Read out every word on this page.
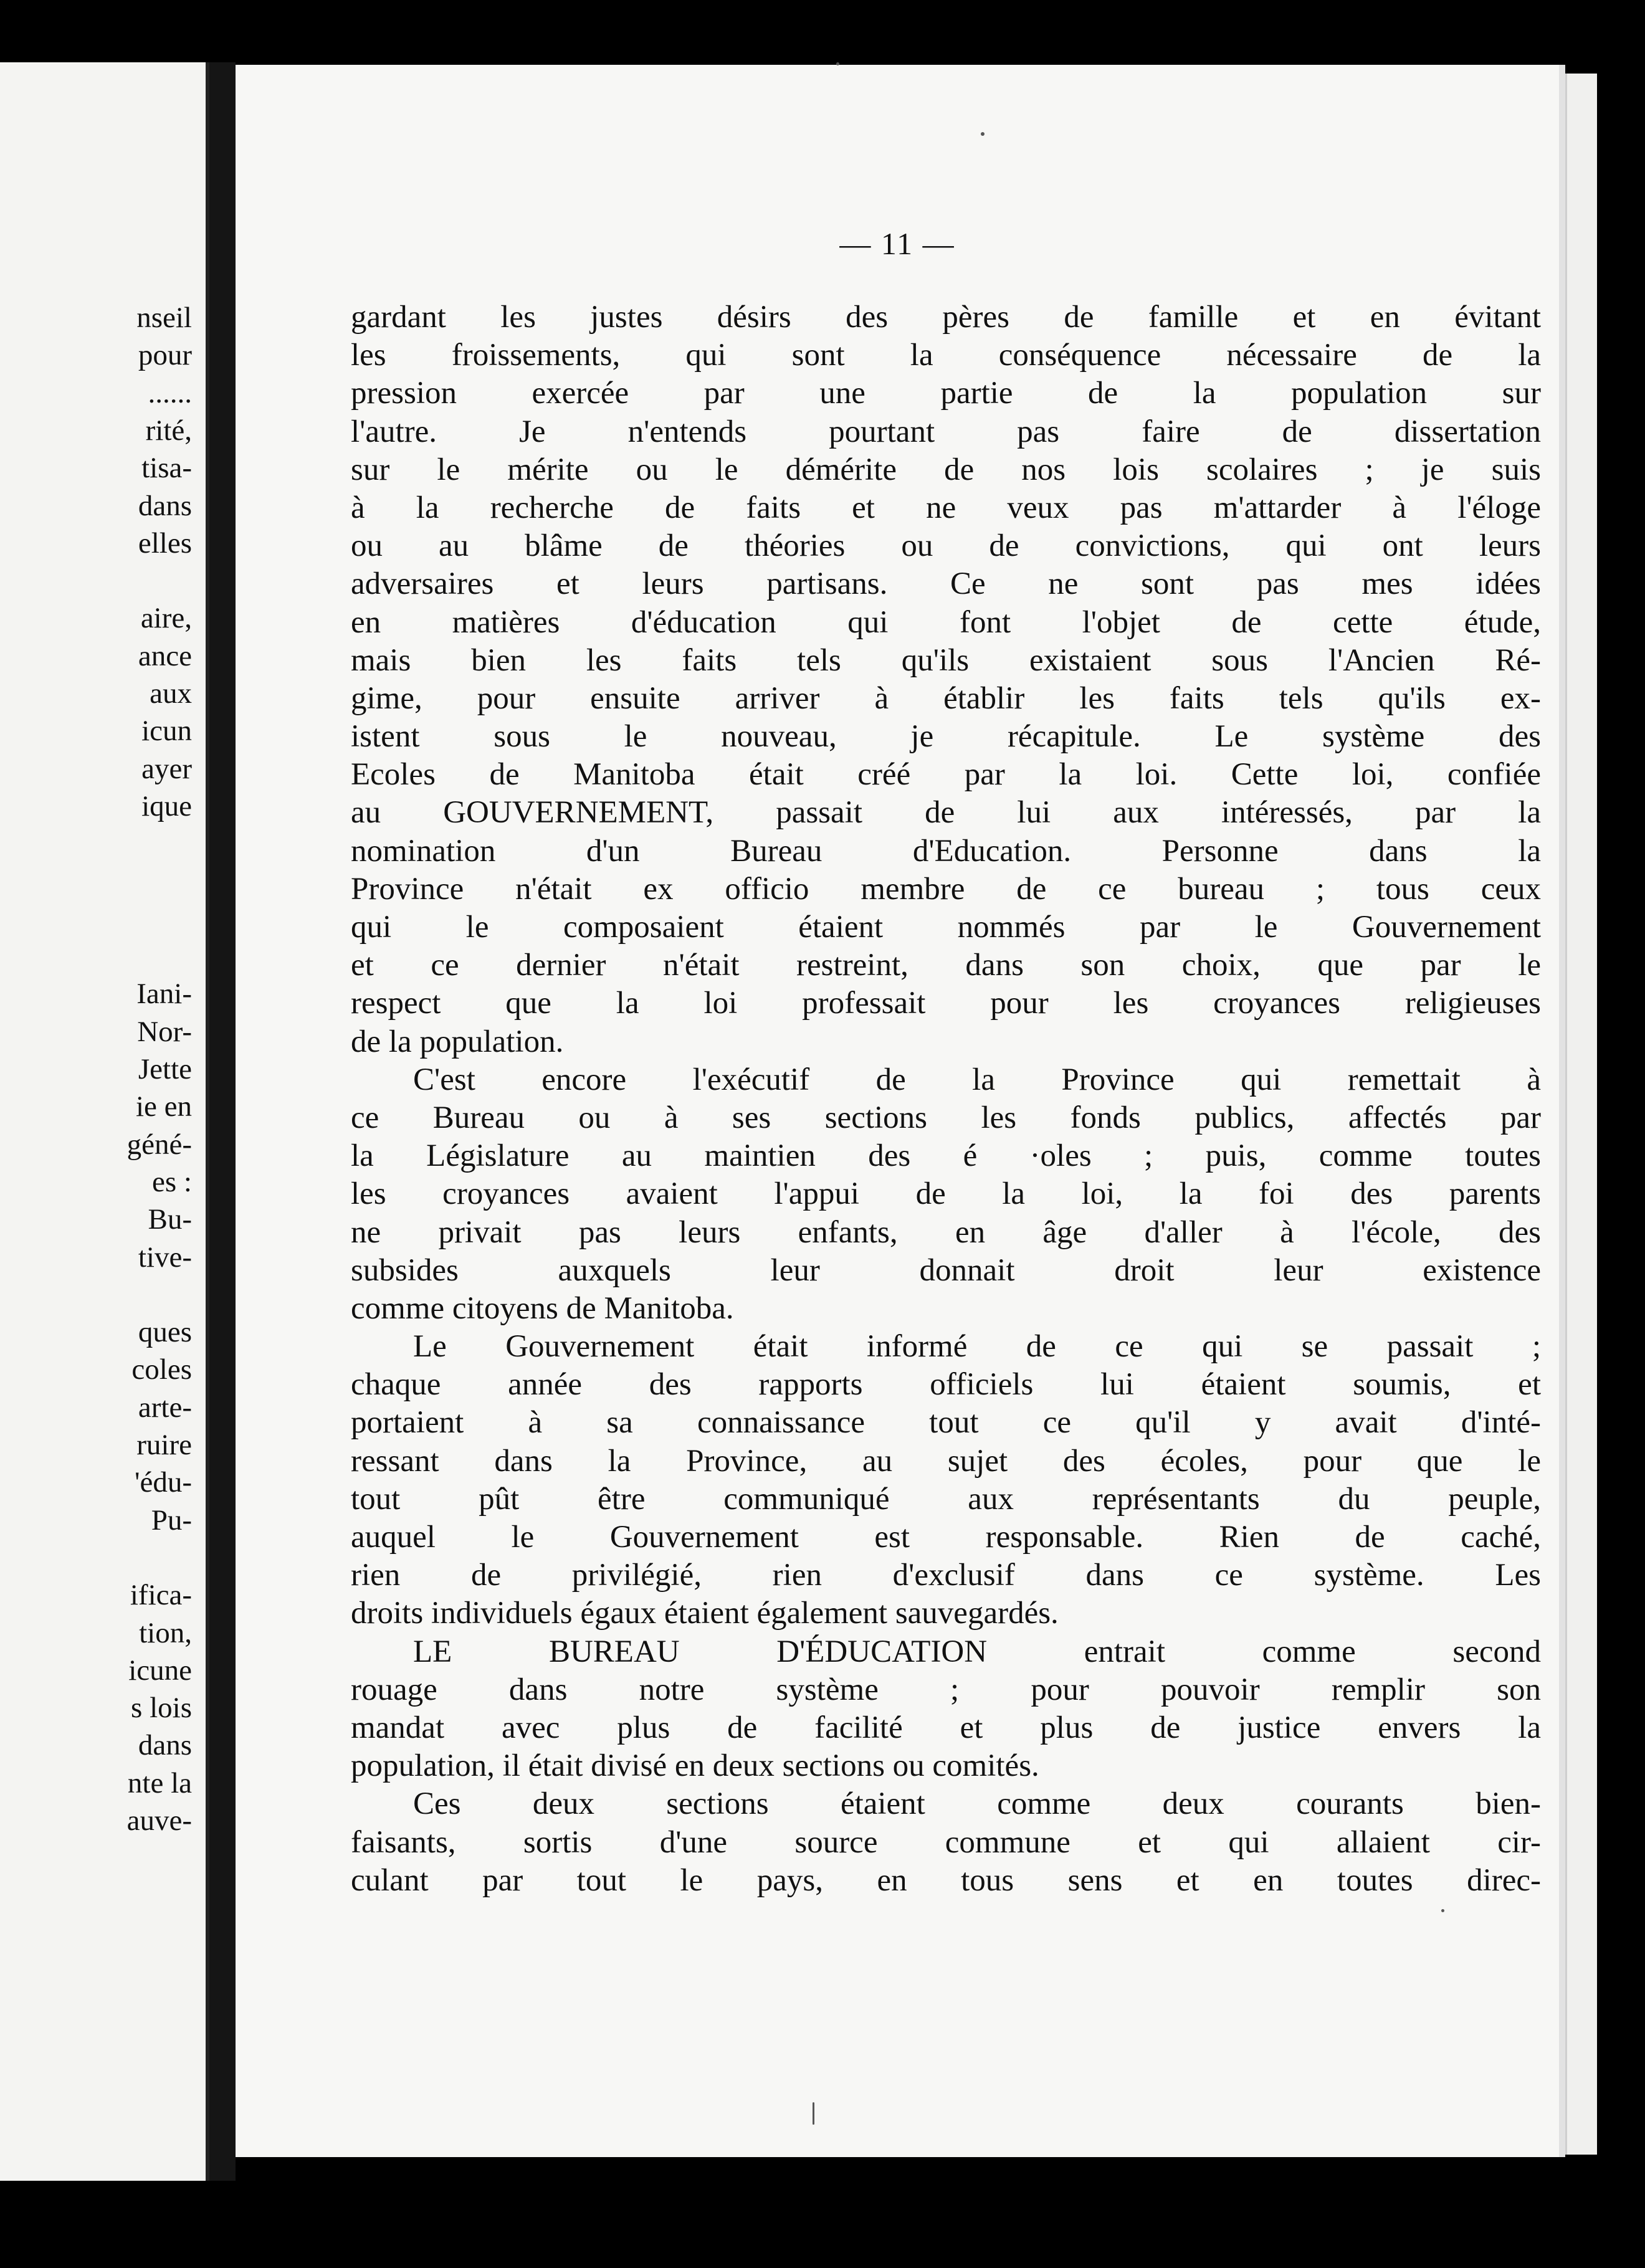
nseil
pour
......
rité,
tisa-
dans
elles
aire,
ance
aux
icun
ayer
ique
Iani-
Nor-
Jette
ie en
géné-
es :
Bu-
tive-
ques
coles
arte-
ruire
'édu-
Pu-
ifica-
tion,
icune
s lois
dans
nte la
auve-
— 11 —
gardant les justes désirs des pères de famille et en évitant
les froissements, qui sont la conséquence nécessaire de la
pression exercée par une partie de la population sur
l'autre. Je n'entends pourtant pas faire de dissertation
sur le mérite ou le démérite de nos lois scolaires ; je suis
à la recherche de faits et ne veux pas m'attarder à l'éloge
ou au blâme de théories ou de convictions, qui ont leurs
adversaires et leurs partisans. Ce ne sont pas mes idées
en matières d'éducation qui font l'objet de cette étude,
mais bien les faits tels qu'ils existaient sous l'Ancien Ré-
gime, pour ensuite arriver à établir les faits tels qu'ils ex-
istent sous le nouveau, je récapitule. Le système des
Ecoles de Manitoba était créé par la loi. Cette loi, confiée
au GOUVERNEMENT, passait de lui aux intéressés, par la
nomination d'un Bureau d'Education. Personne dans la
Province n'était ex officio membre de ce bureau ; tous ceux
qui le composaient étaient nommés par le Gouvernement
et ce dernier n'était restreint, dans son choix, que par le
respect que la loi professait pour les croyances religieuses
de la population.
C'est encore l'exécutif de la Province qui remettait à
ce Bureau ou à ses sections les fonds publics, affectés par
la Législature au maintien des é ·oles ; puis, comme toutes
les croyances avaient l'appui de la loi, la foi des parents
ne privait pas leurs enfants, en âge d'aller à l'école, des
subsides auxquels leur donnait droit leur existence
comme citoyens de Manitoba.
Le Gouvernement était informé de ce qui se passait ;
chaque année des rapports officiels lui étaient soumis, et
portaient à sa connaissance tout ce qu'il y avait d'inté-
ressant dans la Province, au sujet des écoles, pour que le
tout pût être communiqué aux représentants du peuple,
auquel le Gouvernement est responsable. Rien de caché,
rien de privilégié, rien d'exclusif dans ce système. Les
droits individuels égaux étaient également sauvegardés.
LE BUREAU D'ÉDUCATION entrait comme second
rouage dans notre système ; pour pouvoir remplir son
mandat avec plus de facilité et plus de justice envers la
population, il était divisé en deux sections ou comités.
Ces deux sections étaient comme deux courants bien-
faisants, sortis d'une source commune et qui allaient cir-
culant par tout le pays, en tous sens et en toutes direc-
